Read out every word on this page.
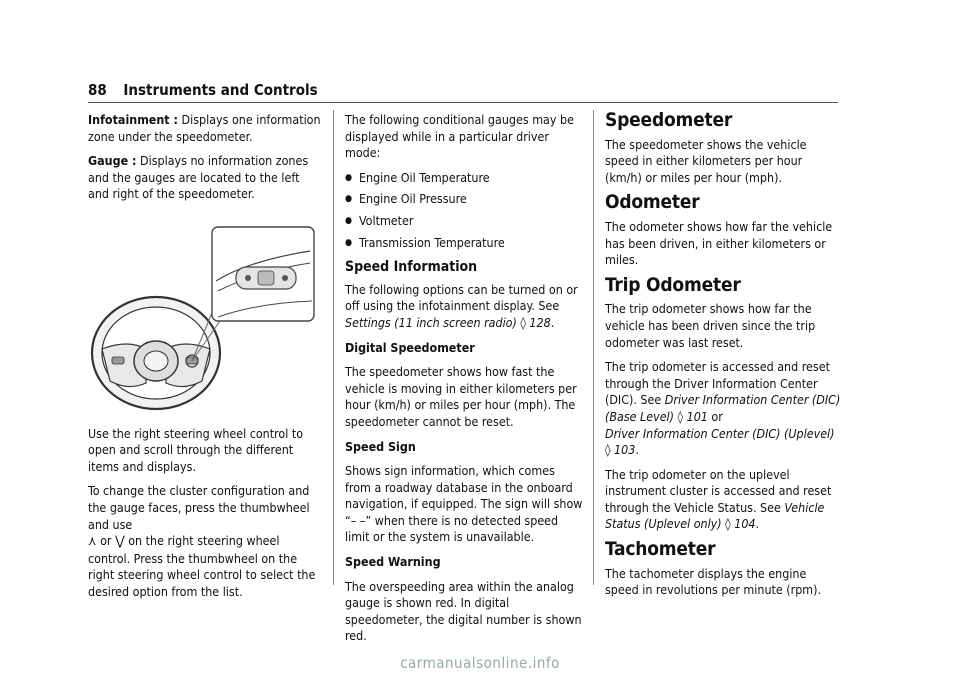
88 Instruments and Controls

Infotainment : Displays one information zone under the speedometer.

Gauge : Displays no information zones and the gauges are located to the left and right of the speedometer.

Use the right steering wheel control to open and scroll through the different items and displays.

To change the cluster configuration and the gauge faces, press the thumbwheel and use
⋏ or ⋁ on the right steering wheel control. Press the thumbwheel on the right steering wheel control to select the desired option from the list.

The following conditional gauges may be displayed while in a particular driver mode:

● Engine Oil Temperature
● Engine Oil Pressure
● Voltmeter
● Transmission Temperature
Speed Information

The following options can be turned on or off using the infotainment display. See Settings (11 inch screen radio) ◊ 128.

Digital Speedometer

The speedometer shows how fast the vehicle is moving in either kilometers per hour (km/h) or miles per hour (mph). The speedometer cannot be reset.

Speed Sign

Shows sign information, which comes from a roadway database in the onboard navigation, if equipped. The sign will show “– –” when there is no detected speed limit or the system is unavailable.

Speed Warning

The overspeeding area within the analog gauge is shown red. In digital speedometer, the digital number is shown red.

Speedometer

The speedometer shows the vehicle speed in either kilometers per hour (km/h) or miles per hour (mph).

Odometer

The odometer shows how far the vehicle has been driven, in either kilometers or miles.

Trip Odometer

The trip odometer shows how far the vehicle has been driven since the trip odometer was last reset.

The trip odometer is accessed and reset through the Driver Information Center (DIC). See Driver Information Center (DIC) (Base Level) ◊ 101 or
Driver Information Center (DIC) (Uplevel)
◊ 103.

The trip odometer on the uplevel instrument cluster is accessed and reset through the Vehicle Status. See Vehicle Status (Uplevel only) ◊ 104.

Tachometer

The tachometer displays the engine speed in revolutions per minute (rpm).

carmanualsonline.info
